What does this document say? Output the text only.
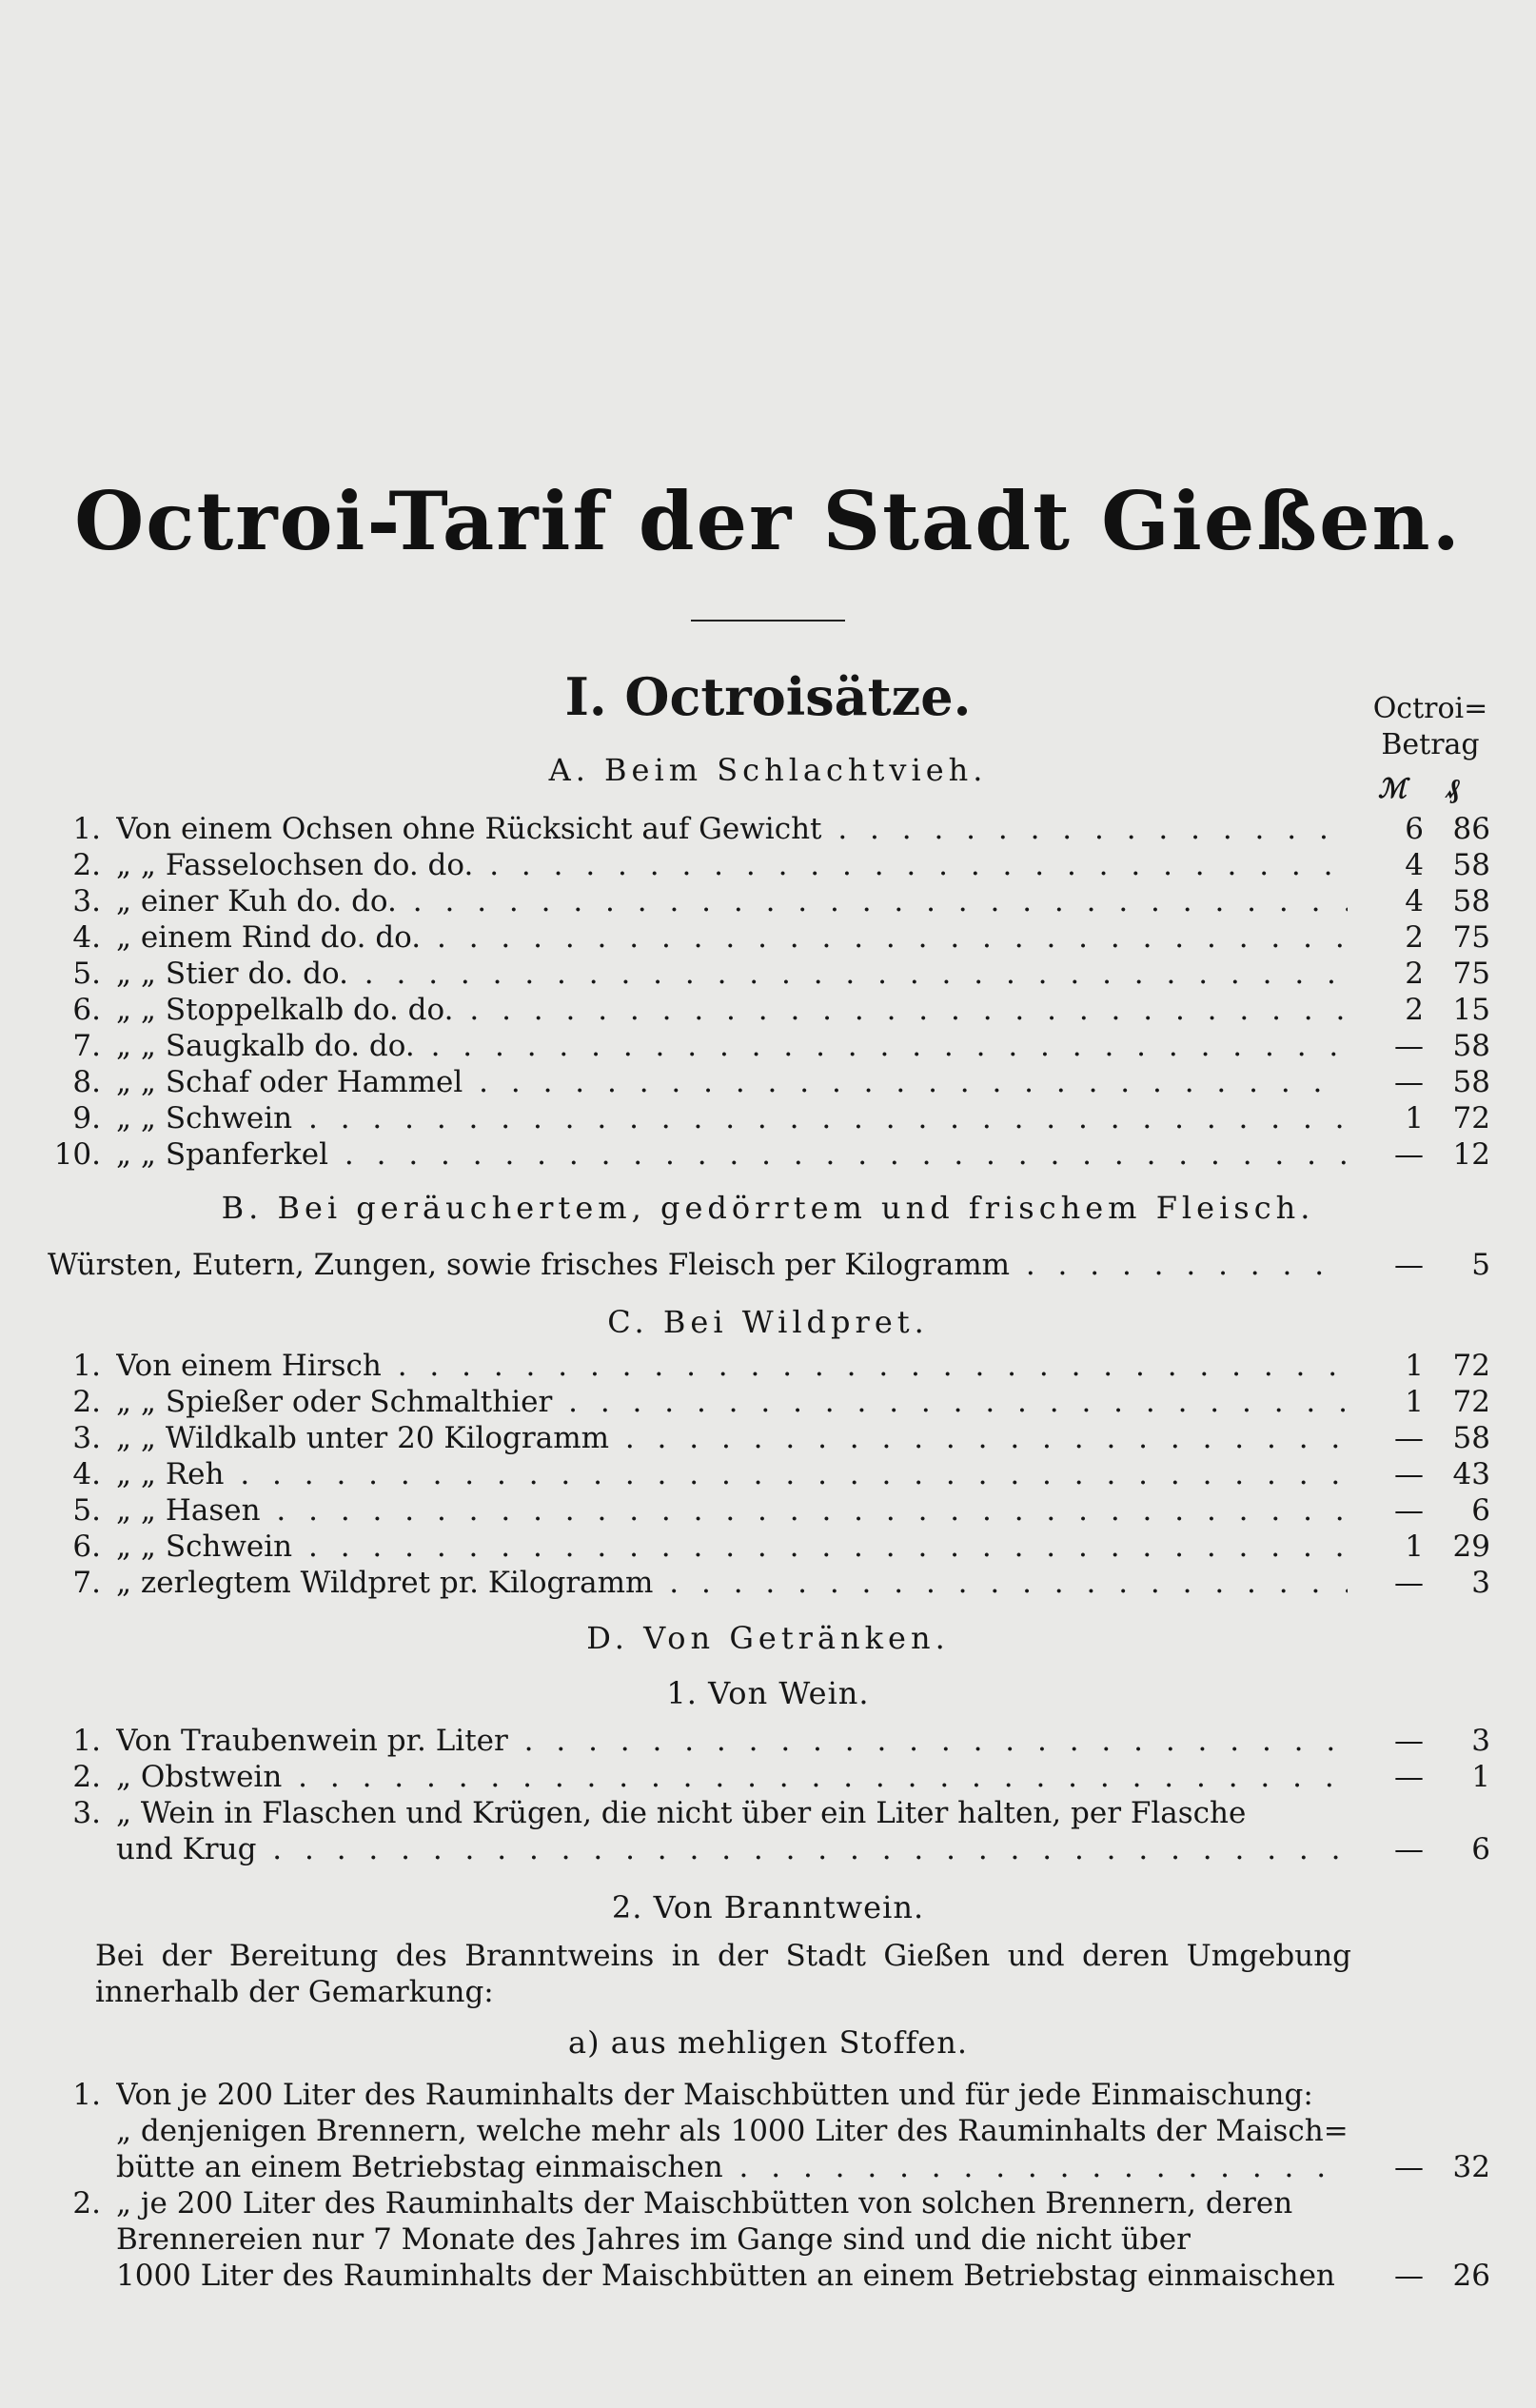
Octroi-Tarif der Stadt Gießen.
I. Octroisätze.	Octroi=
Betrag
ℳ ₰
A. Beim Schlachtvieh.
1. Von einem Ochsen ohne Rücksicht auf Gewicht . . .	6 86
2. „ „ Fasselochsen do. do. . . .	4 58
3. „ einer Kuh do. do. . . .	4 58
4. „ einem Rind do. do. . . .	2 75
5. „ „ Stier do. do. . . .	2 75
6. „ „ Stoppelkalb do. do. . . .	2 15
7. „ „ Saugkalb do. do. . . .	— 58
8. „ „ Schaf oder Hammel . . .	— 58
9. „ „ Schwein . . .	1 72
10. „ „ Spanferkel . . .	— 12
B. Bei geräuchertem, gedörrtem und frischem Fleisch.
Würsten, Eutern, Zungen, sowie frisches Fleisch per Kilogramm . . .	—	5
C. Bei Wildpret.
1. Von einem Hirsch . . .	1 72
2. „ „ Spießer oder Schmalthier . . .	1 72
3. „ „ Wildkalb unter 20 Kilogramm . . .	— 58
4. „ „ Reh . . .	— 43
5. „ „ Hasen . . .	—	6
6. „ „ Schwein . . .	1 29
7. „ zerlegtem Wildpret pr. Kilogramm . . .	—	3
D. Von Getränken.
1. Von Wein.
1. Von Traubenwein pr. Liter . . .	—	3
2. „ Obstwein . . .	—	1
3. „ Wein in Flaschen und Krügen, die nicht über ein Liter halten, per Flasche
und Krug . . .	—	6
2. Von Branntwein.
Bei der Bereitung des Branntweins in der Stadt Gießen und deren Umgebung innerhalb der Gemarkung:
a) aus mehligen Stoffen.
1. Von je 200 Liter des Rauminhalts der Maischbütten und für jede Einmaischung:
„ denjenigen Brennern, welche mehr als 1000 Liter des Rauminhalts der Maisch=
bütte an einem Betriebstag einmaischen . . .	— 32
2. „ je 200 Liter des Rauminhalts der Maischbütten von solchen Brennern, deren
Brennereien nur 7 Monate des Jahres im Gange sind und die nicht über
1000 Liter des Rauminhalts der Maischbütten an einem Betriebstag einmaischen	— 26
